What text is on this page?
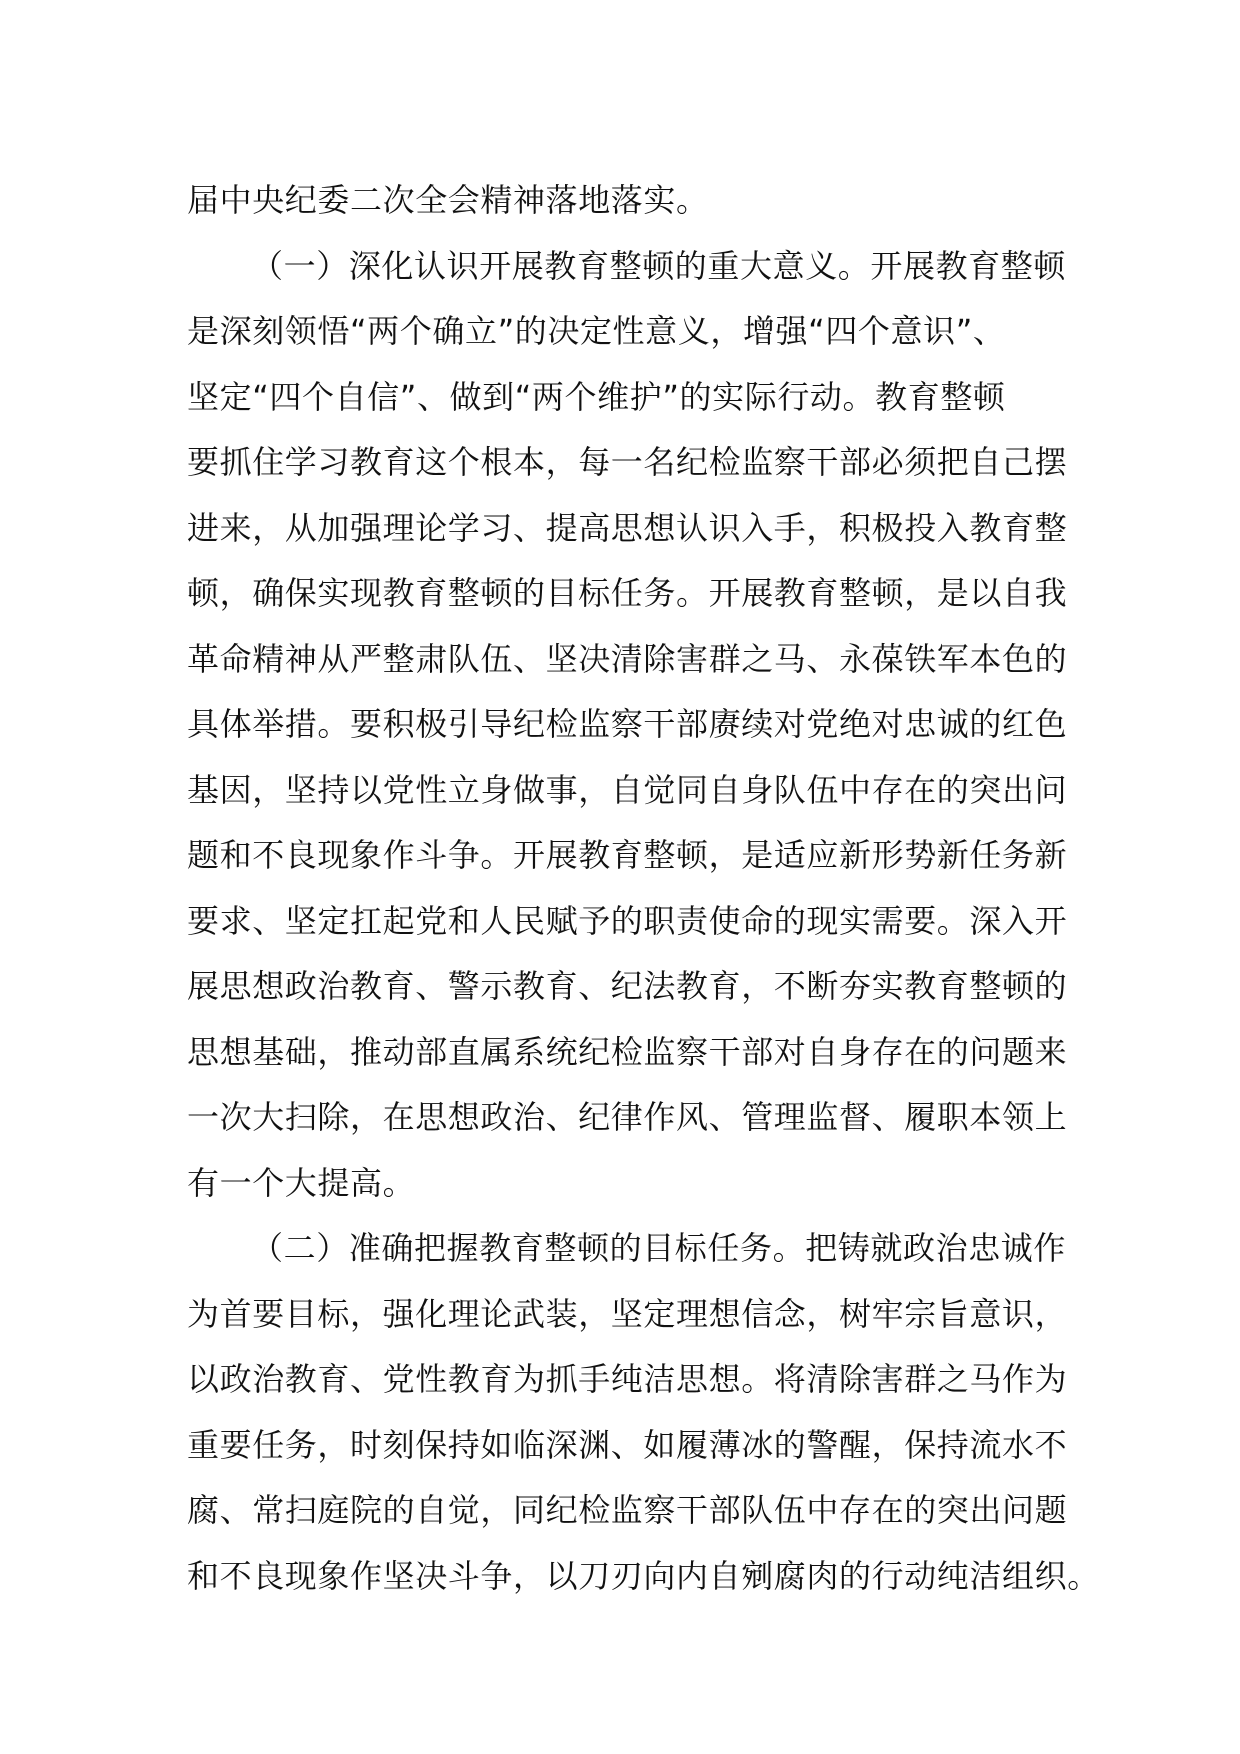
届中央纪委二次全会精神落地落实。
（一）深化认识开展教育整顿的重大意义。开展教育整顿
是深刻领悟“两个确立”的决定性意义，增强“四个意识”、
坚定“四个自信”、做到“两个维护”的实际行动。教育整顿
要抓住学习教育这个根本，每一名纪检监察干部必须把自己摆
进来，从加强理论学习、提高思想认识入手，积极投入教育整
顿，确保实现教育整顿的目标任务。开展教育整顿，是以自我
革命精神从严整肃队伍、坚决清除害群之马、永葆铁军本色的
具体举措。要积极引导纪检监察干部赓续对党绝对忠诚的红色
基因，坚持以党性立身做事，自觉同自身队伍中存在的突出问
题和不良现象作斗争。开展教育整顿，是适应新形势新任务新
要求、坚定扛起党和人民赋予的职责使命的现实需要。深入开
展思想政治教育、警示教育、纪法教育，不断夯实教育整顿的
思想基础，推动部直属系统纪检监察干部对自身存在的问题来
一次大扫除，在思想政治、纪律作风、管理监督、履职本领上
有一个大提高。
（二）准确把握教育整顿的目标任务。把铸就政治忠诚作
为首要目标，强化理论武装，坚定理想信念，树牢宗旨意识，
以政治教育、党性教育为抓手纯洁思想。将清除害群之马作为
重要任务，时刻保持如临深渊、如履薄冰的警醒，保持流水不
腐、常扫庭院的自觉，同纪检监察干部队伍中存在的突出问题
和不良现象作坚决斗争，以刀刃向内自剜腐肉的行动纯洁组织。
